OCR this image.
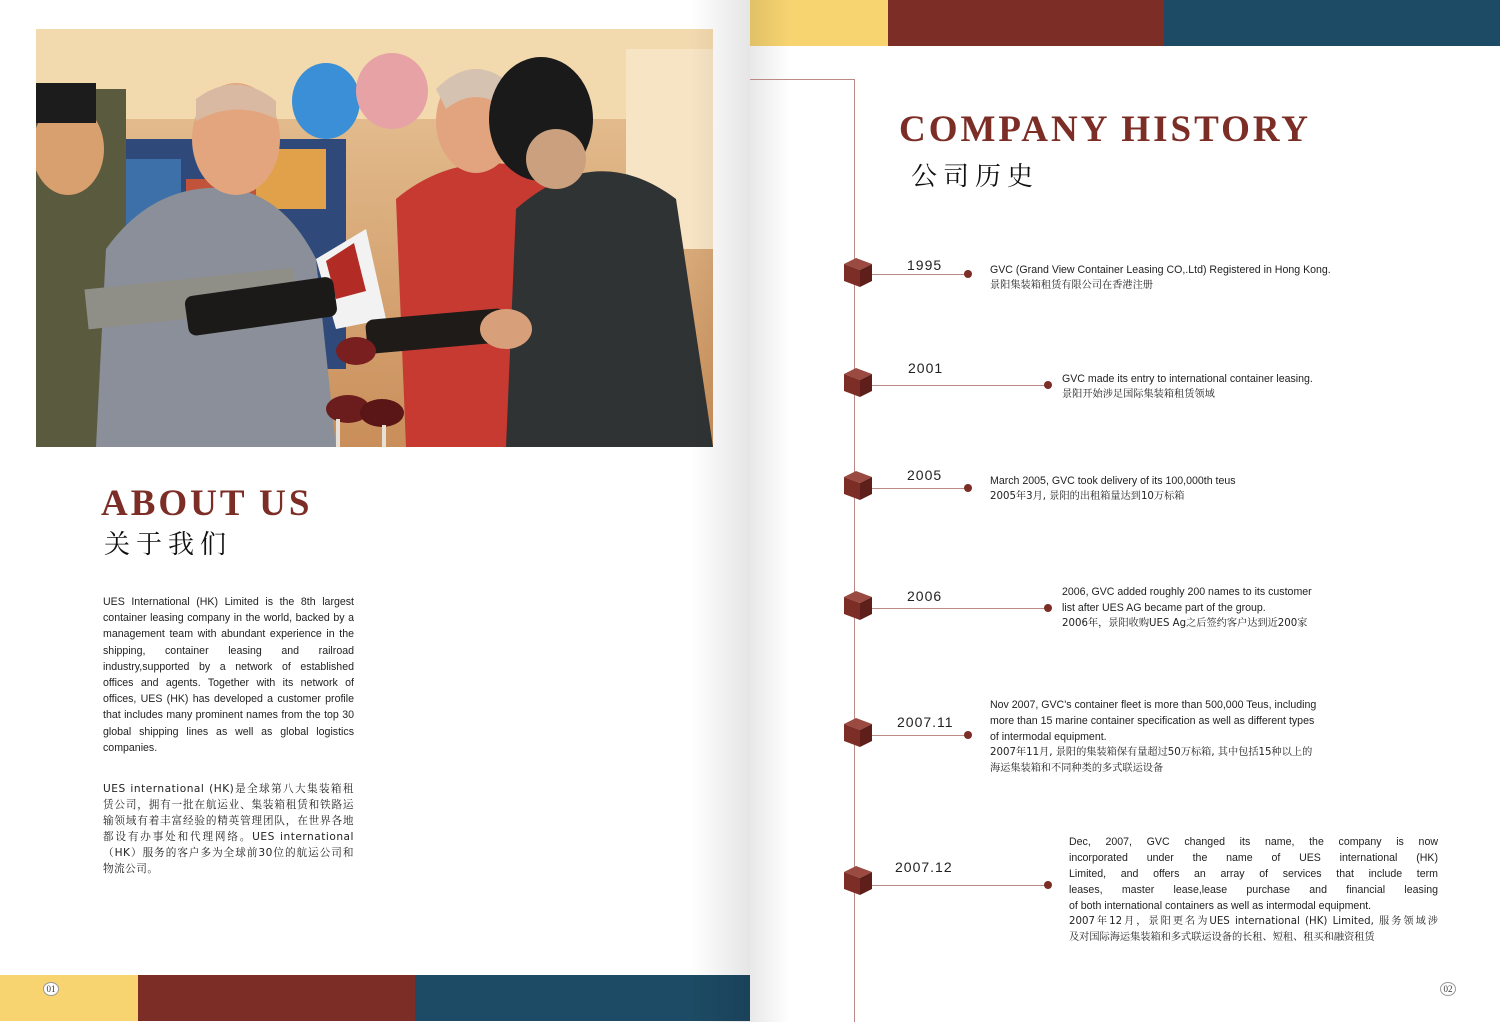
ABOUT US
关于我们

UES International (HK) Limited is the 8th largest container leasing company in the world, backed by a management team with abundant experience in the shipping, container leasing and railroad industry,supported by a network of established offices and agents. Together with its network of offices, UES (HK) has developed a customer profile that includes many prominent names from the top 30 global shipping lines as well as global logistics companies.

UES international (HK)是全球第八大集装箱租赁公司，拥有一批在航运业、集装箱租赁和铁路运输领域有着丰富经验的精英管理团队，在世界各地都设有办事处和代理网络。UES international（HK）服务的客户多为全球前30位的航运公司和物流公司。

01
COMPANY HISTORY
公司历史
1995	GVC (Grand View Container Leasing CO,.Ltd) Registered in Hong Kong.
景阳集装箱租赁有限公司在香港注册
2001
GVC made its entry to international container leasing.
景阳开始涉足国际集装箱租赁领域
2005	March 2005, GVC took delivery of its 100,000th teus
2005年3月, 景阳的出租箱量达到10万标箱
2006	2006, GVC added roughly 200 names to its customer
list after UES AG became part of the group.
2006年，景阳收购UES Ag之后签约客户达到近200家
2007.11
Nov 2007, GVC's container fleet is more than 500,000 Teus, including
more than 15 marine container specification as well as different types
of intermodal equipment.
2007年11月, 景阳的集装箱保有量超过50万标箱, 其中包括15种以上的
海运集装箱和不同种类的多式联运设备
2007.12
Dec, 2007, GVC changed its name, the company is now
incorporated under the name of UES international (HK)
Limited, and offers an array of services that include term
leases, master lease,lease purchase and financial leasing
of both international containers as well as intermodal equipment.
2007年12月，景阳更名为UES international (HK) Limited, 服务领域涉
及对国际海运集装箱和多式联运设备的长租、短租、租买和融资租赁
02
